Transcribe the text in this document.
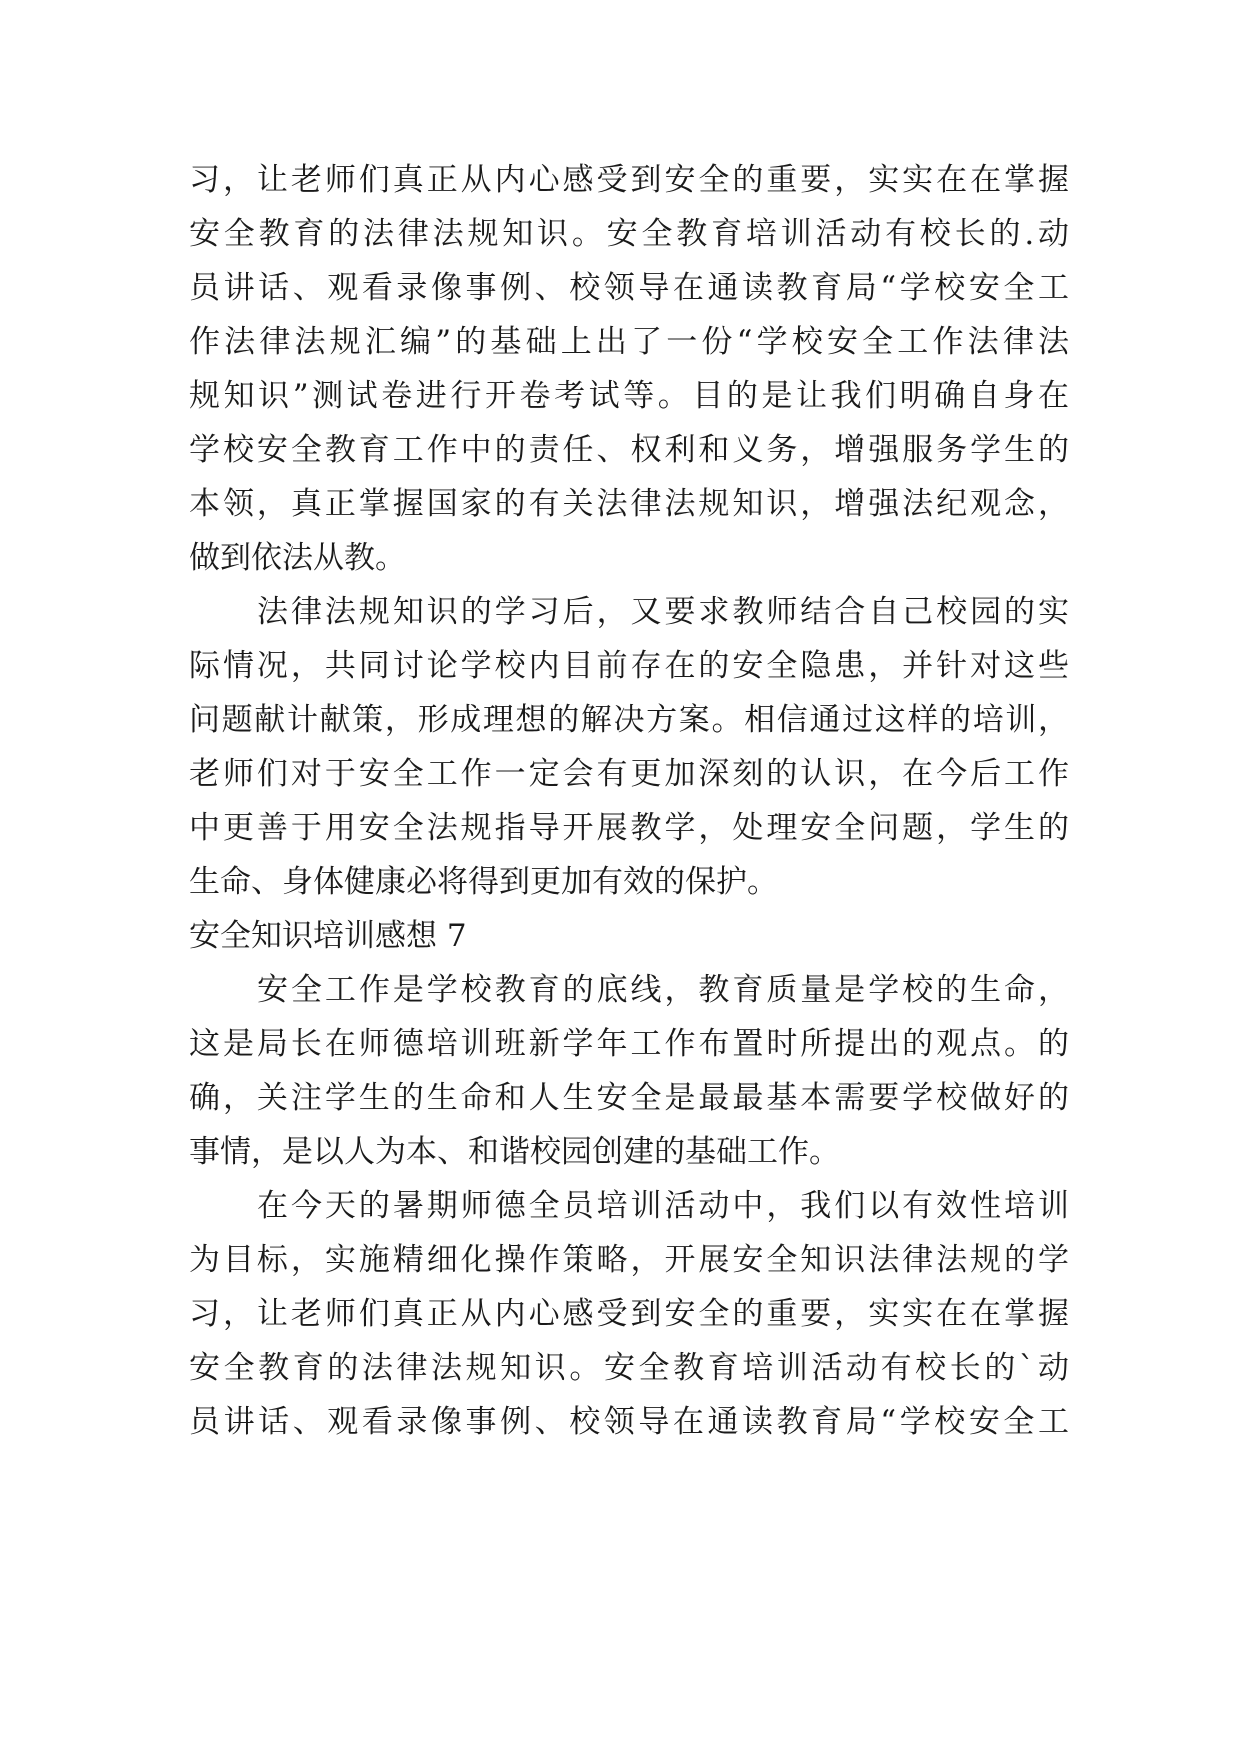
习，让老师们真正从内心感受到安全的重要，实实在在掌握
安全教育的法律法规知识。安全教育培训活动有校长的.动
员讲话、观看录像事例、校领导在通读教育局“学校安全工
作法律法规汇编”的基础上出了一份“学校安全工作法律法
规知识”测试卷进行开卷考试等。目的是让我们明确自身在
学校安全教育工作中的责任、权利和义务，增强服务学生的
本领，真正掌握国家的有关法律法规知识，增强法纪观念，
做到依法从教。
法律法规知识的学习后，又要求教师结合自己校园的实
际情况，共同讨论学校内目前存在的安全隐患，并针对这些
问题献计献策，形成理想的解决方案。相信通过这样的培训，
老师们对于安全工作一定会有更加深刻的认识，在今后工作
中更善于用安全法规指导开展教学，处理安全问题，学生的
生命、身体健康必将得到更加有效的保护。
安全知识培训感想 7
安全工作是学校教育的底线，教育质量是学校的生命，
这是局长在师德培训班新学年工作布置时所提出的观点。的
确，关注学生的生命和人生安全是最最基本需要学校做好的
事情，是以人为本、和谐校园创建的基础工作。
在今天的暑期师德全员培训活动中，我们以有效性培训
为目标，实施精细化操作策略，开展安全知识法律法规的学
习，让老师们真正从内心感受到安全的重要，实实在在掌握
安全教育的法律法规知识。安全教育培训活动有校长的`动
员讲话、观看录像事例、校领导在通读教育局“学校安全工
